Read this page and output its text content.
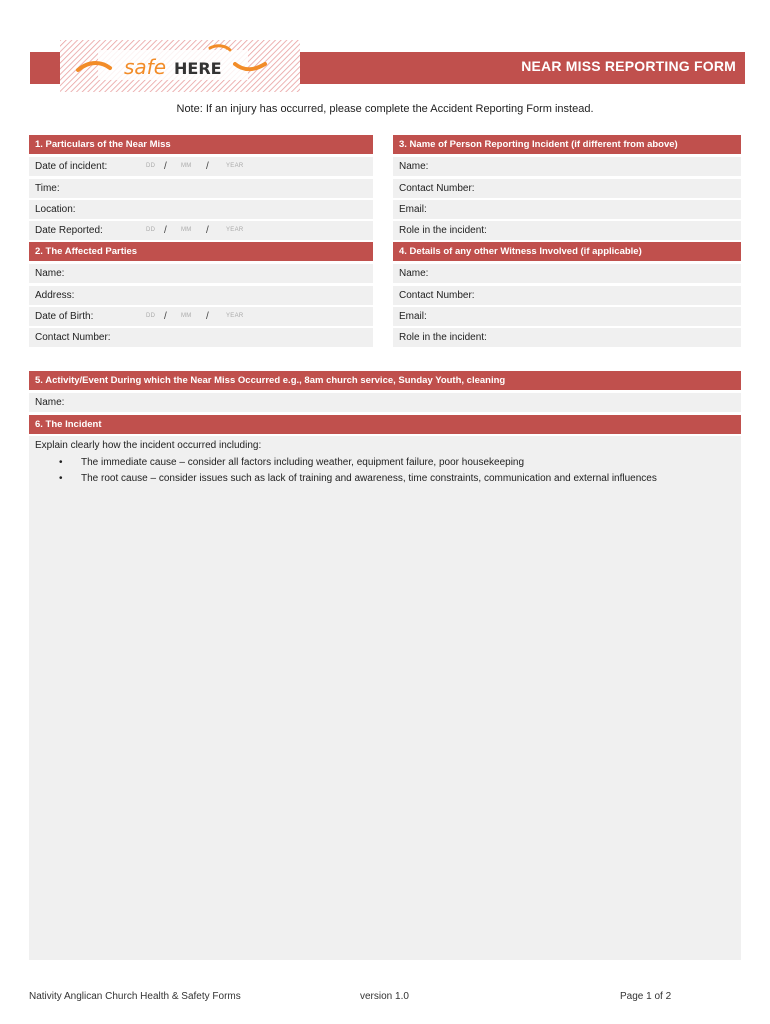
NEAR MISS REPORTING FORM
safe HERE
Note: If an injury has occurred, please complete the Accident Reporting Form instead.
1. Particulars of the Near Miss
Date of incident:	DD / MM /	YEAR
Time:
Location:
Date Reported:	DD / MM /	YEAR
2. The Affected Parties
Name:
Address:
Date of Birth:	DD / MM /	YEAR
Contact Number:
3. Name of Person Reporting Incident (if different from above)
Name:
Contact Number:
Email:
Role in the incident:
4. Details of any other Witness Involved (if applicable)
Name:
Contact Number:
Email:
Role in the incident:
5. Activity/Event During which the Near Miss Occurred e.g., 8am church service, Sunday Youth, cleaning
Name:
6. The Incident
Explain clearly how the incident occurred including:
• The immediate cause – consider all factors including weather, equipment failure, poor housekeeping
• The root cause – consider issues such as lack of training and awareness, time constraints, communication and external influences
Nativity Anglican Church Health & Safety Forms	version 1.0	Page 1 of 2
